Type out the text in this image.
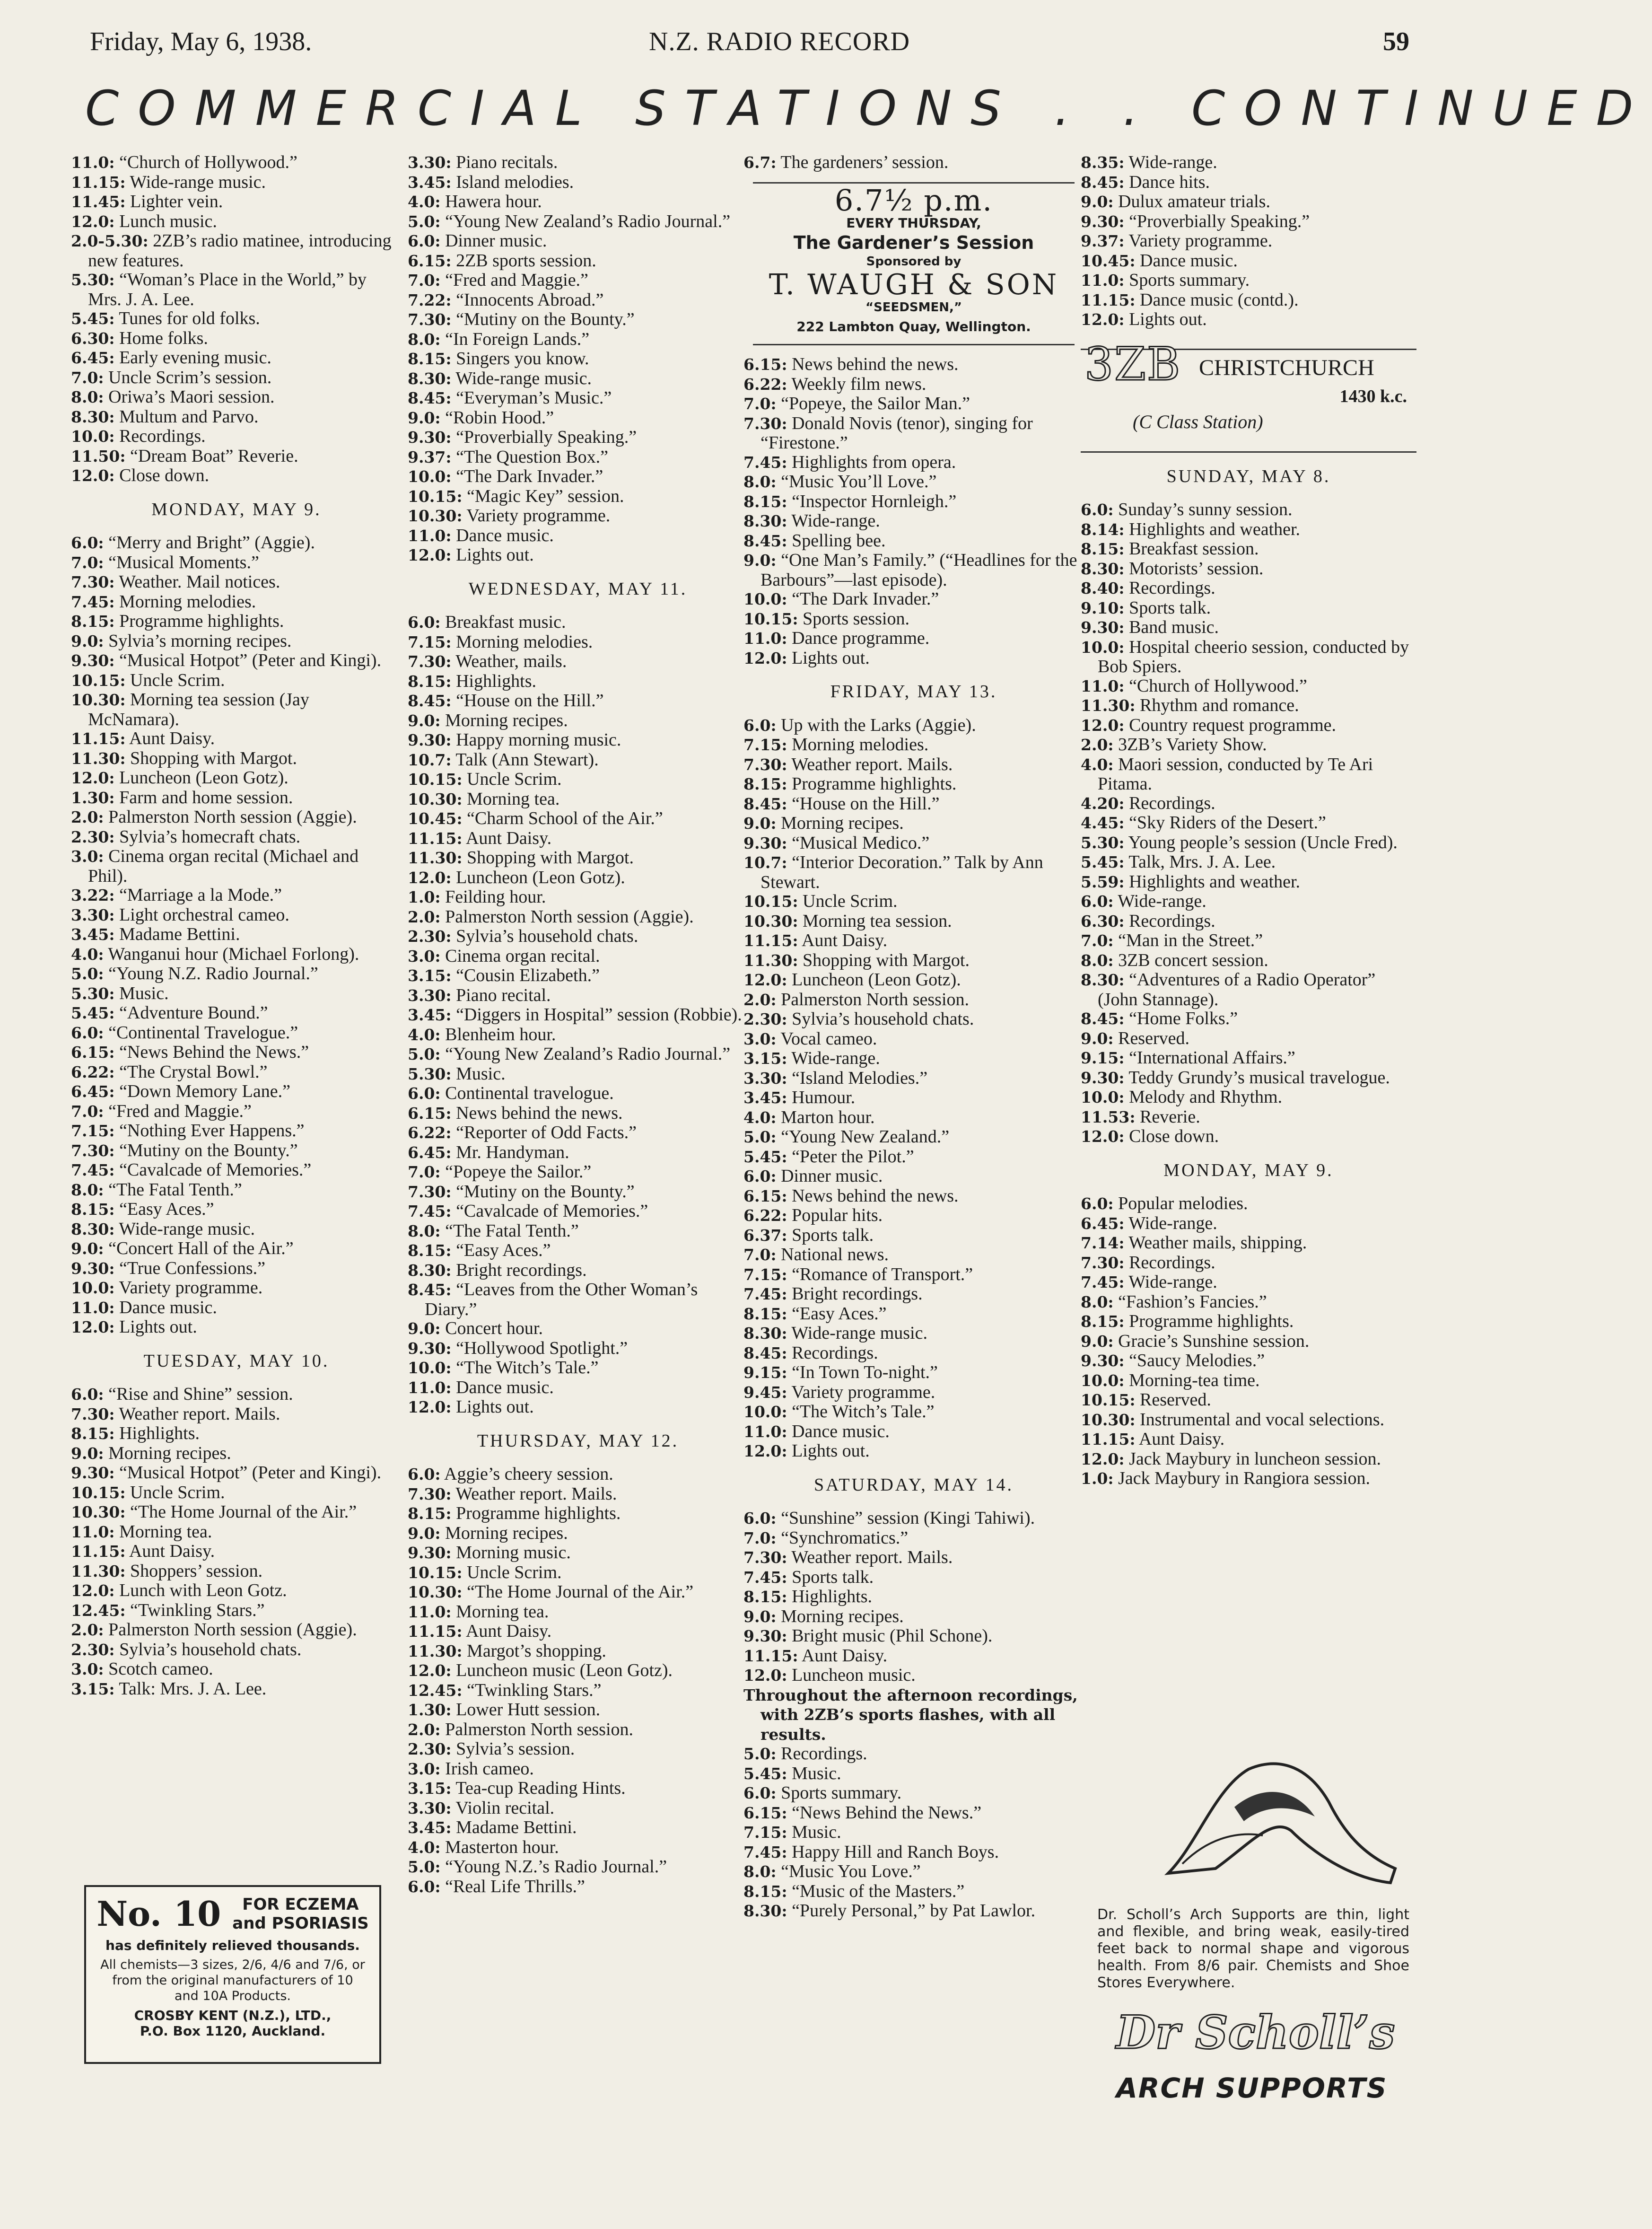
Friday, May 6, 1938.	N.Z. RADIO RECORD	59
COMMERCIAL STATIONS . . CONTINUED
11.0: “Church of Hollywood.”
11.15: Wide-range music.
11.45: Lighter vein.
12.0: Lunch music.
2.0-5.30: 2ZB’s radio matinee, introducing new features.
5.30: “Woman’s Place in the World,” by Mrs. J. A. Lee.
5.45: Tunes for old folks.
6.30: Home folks.
6.45: Early evening music.
7.0: Uncle Scrim’s session.
8.0: Oriwa’s Maori session.
8.30: Multum and Parvo.
10.0: Recordings.
11.50: “Dream Boat” Reverie.
12.0: Close down.
MONDAY, MAY 9.
6.0: “Merry and Bright” (Aggie).
7.0: “Musical Moments.”
7.30: Weather. Mail notices.
7.45: Morning melodies.
8.15: Programme highlights.
9.0: Sylvia’s morning recipes.
9.30: “Musical Hotpot” (Peter and Kingi).
10.15: Uncle Scrim.
10.30: Morning tea session (Jay McNamara).
11.15: Aunt Daisy.
11.30: Shopping with Margot.
12.0: Luncheon (Leon Gotz).
1.30: Farm and home session.
2.0: Palmerston North session (Aggie).
2.30: Sylvia’s homecraft chats.
3.0: Cinema organ recital (Michael and Phil).
3.22: “Marriage a la Mode.”
3.30: Light orchestral cameo.
3.45: Madame Bettini.
4.0: Wanganui hour (Michael Forlong).
5.0: “Young N.Z. Radio Journal.”
5.30: Music.
5.45: “Adventure Bound.”
6.0: “Continental Travelogue.”
6.15: “News Behind the News.”
6.22: “The Crystal Bowl.”
6.45: “Down Memory Lane.”
7.0: “Fred and Maggie.”
7.15: “Nothing Ever Happens.”
7.30: “Mutiny on the Bounty.”
7.45: “Cavalcade of Memories.”
8.0: “The Fatal Tenth.”
8.15: “Easy Aces.”
8.30: Wide-range music.
9.0: “Concert Hall of the Air.”
9.30: “True Confessions.”
10.0: Variety programme.
11.0: Dance music.
12.0: Lights out.
TUESDAY, MAY 10.
6.0: “Rise and Shine” session.
7.30: Weather report. Mails.
8.15: Highlights.
9.0: Morning recipes.
9.30: “Musical Hotpot” (Peter and Kingi).
10.15: Uncle Scrim.
10.30: “The Home Journal of the Air.”
11.0: Morning tea.
11.15: Aunt Daisy.
11.30: Shoppers’ session.
12.0: Lunch with Leon Gotz.
12.45: “Twinkling Stars.”
2.0: Palmerston North session (Aggie).
2.30: Sylvia’s household chats.
3.0: Scotch cameo.
3.15: Talk: Mrs. J. A. Lee.
No. 10	FOR ECZEMA
and PSORIASIS
has definitely relieved thousands.
All chemists—3 sizes, 2/6, 4/6 and 7/6, or from the original manufacturers of 10 and 10A Products.
CROSBY KENT (N.Z.), LTD.,
P.O. Box 1120, Auckland.
3.30: Piano recitals.
3.45: Island melodies.
4.0: Hawera hour.
5.0: “Young New Zealand’s Radio Journal.”
6.0: Dinner music.
6.15: 2ZB sports session.
7.0: “Fred and Maggie.”
7.22: “Innocents Abroad.”
7.30: “Mutiny on the Bounty.”
8.0: “In Foreign Lands.”
8.15: Singers you know.
8.30: Wide-range music.
8.45: “Everyman’s Music.”
9.0: “Robin Hood.”
9.30: “Proverbially Speaking.”
9.37: “The Question Box.”
10.0: “The Dark Invader.”
10.15: “Magic Key” session.
10.30: Variety programme.
11.0: Dance music.
12.0: Lights out.
WEDNESDAY, MAY 11.
6.0: Breakfast music.
7.15: Morning melodies.
7.30: Weather, mails.
8.15: Highlights.
8.45: “House on the Hill.”
9.0: Morning recipes.
9.30: Happy morning music.
10.7: Talk (Ann Stewart).
10.15: Uncle Scrim.
10.30: Morning tea.
10.45: “Charm School of the Air.”
11.15: Aunt Daisy.
11.30: Shopping with Margot.
12.0: Luncheon (Leon Gotz).
1.0: Feilding hour.
2.0: Palmerston North session (Aggie).
2.30: Sylvia’s household chats.
3.0: Cinema organ recital.
3.15: “Cousin Elizabeth.”
3.30: Piano recital.
3.45: “Diggers in Hospital” session (Robbie).
4.0: Blenheim hour.
5.0: “Young New Zealand’s Radio Journal.”
5.30: Music.
6.0: Continental travelogue.
6.15: News behind the news.
6.22: “Reporter of Odd Facts.”
6.45: Mr. Handyman.
7.0: “Popeye the Sailor.”
7.30: “Mutiny on the Bounty.”
7.45: “Cavalcade of Memories.”
8.0: “The Fatal Tenth.”
8.15: “Easy Aces.”
8.30: Bright recordings.
8.45: “Leaves from the Other Woman’s Diary.”
9.0: Concert hour.
9.30: “Hollywood Spotlight.”
10.0: “The Witch’s Tale.”
11.0: Dance music.
12.0: Lights out.
THURSDAY, MAY 12.
6.0: Aggie’s cheery session.
7.30: Weather report. Mails.
8.15: Programme highlights.
9.0: Morning recipes.
9.30: Morning music.
10.15: Uncle Scrim.
10.30: “The Home Journal of the Air.”
11.0: Morning tea.
11.15: Aunt Daisy.
11.30: Margot’s shopping.
12.0: Luncheon music (Leon Gotz).
12.45: “Twinkling Stars.”
1.30: Lower Hutt session.
2.0: Palmerston North session.
2.30: Sylvia’s session.
3.0: Irish cameo.
3.15: Tea-cup Reading Hints.
3.30: Violin recital.
3.45: Madame Bettini.
4.0: Masterton hour.
5.0: “Young N.Z.’s Radio Journal.”
6.0: “Real Life Thrills.”
6.7: The gardeners’ session.
6.7½ p.m.
EVERY THURSDAY,
The Gardener’s Session
Sponsored by
T. WAUGH & SON
“SEEDSMEN,”
222 Lambton Quay, Wellington.
6.15: News behind the news.
6.22: Weekly film news.
7.0: “Popeye, the Sailor Man.”
7.30: Donald Novis (tenor), singing for “Firestone.”
7.45: Highlights from opera.
8.0: “Music You’ll Love.”
8.15: “Inspector Hornleigh.”
8.30: Wide-range.
8.45: Spelling bee.
9.0: “One Man’s Family.” (“Headlines for the Barbours”—last episode).
10.0: “The Dark Invader.”
10.15: Sports session.
11.0: Dance programme.
12.0: Lights out.
FRIDAY, MAY 13.
6.0: Up with the Larks (Aggie).
7.15: Morning melodies.
7.30: Weather report. Mails.
8.15: Programme highlights.
8.45: “House on the Hill.”
9.0: Morning recipes.
9.30: “Musical Medico.”
10.7: “Interior Decoration.” Talk by Ann Stewart.
10.15: Uncle Scrim.
10.30: Morning tea session.
11.15: Aunt Daisy.
11.30: Shopping with Margot.
12.0: Luncheon (Leon Gotz).
2.0: Palmerston North session.
2.30: Sylvia’s household chats.
3.0: Vocal cameo.
3.15: Wide-range.
3.30: “Island Melodies.”
3.45: Humour.
4.0: Marton hour.
5.0: “Young New Zealand.”
5.45: “Peter the Pilot.”
6.0: Dinner music.
6.15: News behind the news.
6.22: Popular hits.
6.37: Sports talk.
7.0: National news.
7.15: “Romance of Transport.”
7.45: Bright recordings.
8.15: “Easy Aces.”
8.30: Wide-range music.
8.45: Recordings.
9.15: “In Town To-night.”
9.45: Variety programme.
10.0: “The Witch’s Tale.”
11.0: Dance music.
12.0: Lights out.
SATURDAY, MAY 14.
6.0: “Sunshine” session (Kingi Tahiwi).
7.0: “Synchromatics.”
7.30: Weather report. Mails.
7.45: Sports talk.
8.15: Highlights.
9.0: Morning recipes.
9.30: Bright music (Phil Schone).
11.15: Aunt Daisy.
12.0: Luncheon music.
Throughout the afternoon recordings, with 2ZB’s sports flashes, with all results.
5.0: Recordings.
5.45: Music.
6.0: Sports summary.
6.15: “News Behind the News.”
7.15: Music.
7.45: Happy Hill and Ranch Boys.
8.0: “Music You Love.”
8.15: “Music of the Masters.”
8.30: “Purely Personal,” by Pat Lawlor.
8.35: Wide-range.
8.45: Dance hits.
9.0: Dulux amateur trials.
9.30: “Proverbially Speaking.”
9.37: Variety programme.
10.45: Dance music.
11.0: Sports summary.
11.15: Dance music (contd.).
12.0: Lights out.
3ZB CHRISTCHURCH
1430 k.c.
(C Class Station)
SUNDAY, MAY 8.
6.0: Sunday’s sunny session.
8.14: Highlights and weather.
8.15: Breakfast session.
8.30: Motorists’ session.
8.40: Recordings.
9.10: Sports talk.
9.30: Band music.
10.0: Hospital cheerio session, conducted by Bob Spiers.
11.0: “Church of Hollywood.”
11.30: Rhythm and romance.
12.0: Country request programme.
2.0: 3ZB’s Variety Show.
4.0: Maori session, conducted by Te Ari Pitama.
4.20: Recordings.
4.45: “Sky Riders of the Desert.”
5.30: Young people’s session (Uncle Fred).
5.45: Talk, Mrs. J. A. Lee.
5.59: Highlights and weather.
6.0: Wide-range.
6.30: Recordings.
7.0: “Man in the Street.”
8.0: 3ZB concert session.
8.30: “Adventures of a Radio Operator” (John Stannage).
8.45: “Home Folks.”
9.0: Reserved.
9.15: “International Affairs.”
9.30: Teddy Grundy’s musical travelogue.
10.0: Melody and Rhythm.
11.53: Reverie.
12.0: Close down.
MONDAY, MAY 9.
6.0: Popular melodies.
6.45: Wide-range.
7.14: Weather mails, shipping.
7.30: Recordings.
7.45: Wide-range.
8.0: “Fashion’s Fancies.”
8.15: Programme highlights.
9.0: Gracie’s Sunshine session.
9.30: “Saucy Melodies.”
10.0: Morning-tea time.
10.15: Reserved.
10.30: Instrumental and vocal selections.
11.15: Aunt Daisy.
12.0: Jack Maybury in luncheon session.
1.0: Jack Maybury in Rangiora session.
Dr. Scholl’s Arch Supports are thin, light and flexible, and bring weak, easily-tired feet back to normal shape and vigorous health. From 8/6 pair. Chemists and Shoe Stores Everywhere.
Dr Scholl’s
ARCH SUPPORTS
